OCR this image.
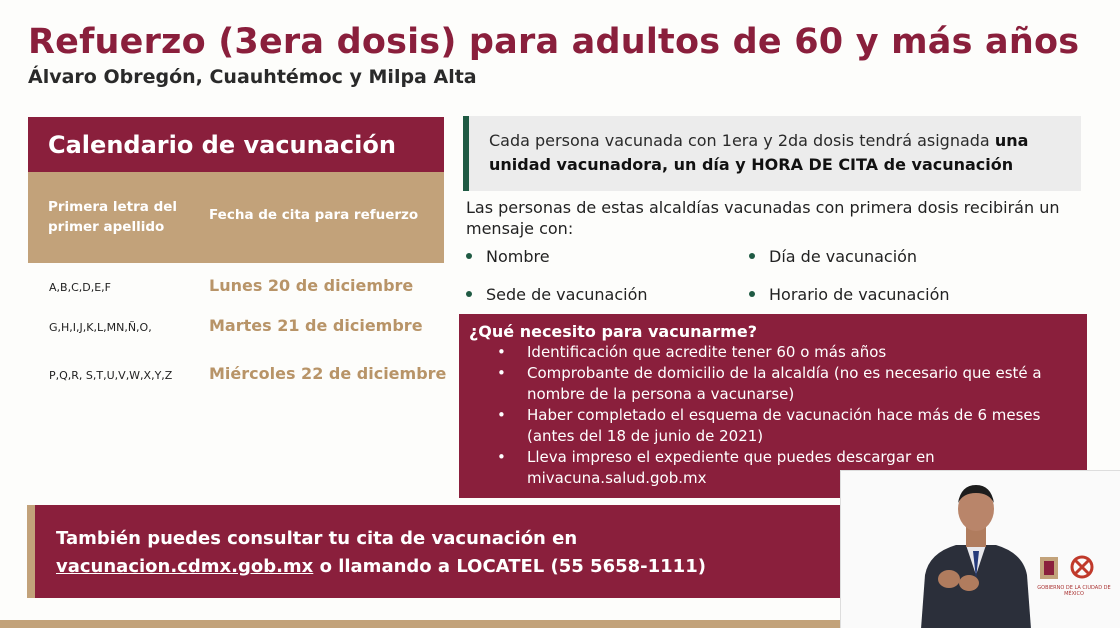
Refuerzo (3era dosis) para adultos de 60 y más años
Álvaro Obregón, Cuauhtémoc y Milpa Alta
Calendario de vacunación
Primera letra del primer apellido
Fecha de cita para refuerzo
A,B,C,D,E,F	Lunes 20 de diciembre
G,H,I,J,K,L,MN,Ñ,O,	Martes 21 de diciembre
P,Q,R, S,T,U,V,W,X,Y,Z Miércoles 22 de diciembre
Cada persona vacunada con 1era y 2da dosis tendrá asignada una unidad vacunadora, un día y HORA DE CITA de vacunación
Las personas de estas alcaldías vacunadas con primera dosis recibirán un mensaje con:
Nombre	Día de vacunación
Sede de vacunación	Horario de vacunación
¿Qué necesito para vacunarme?
• Identificación que acredite tener 60 o más años
• Comprobante de domicilio de la alcaldía (no es necesario que esté a nombre de la persona a vacunarse)
• Haber completado el esquema de vacunación hace más de 6 meses (antes del 18 de junio de 2021)
• Lleva impreso el expediente que puedes descargar en mivacuna.salud.gob.mx
También puedes consultar tu cita de vacunación en
vacunacion.cdmx.gob.mx o llamando a LOCATEL (55 5658-1111)
GOBIERNO DE LA CIUDAD DE MÉXICO
